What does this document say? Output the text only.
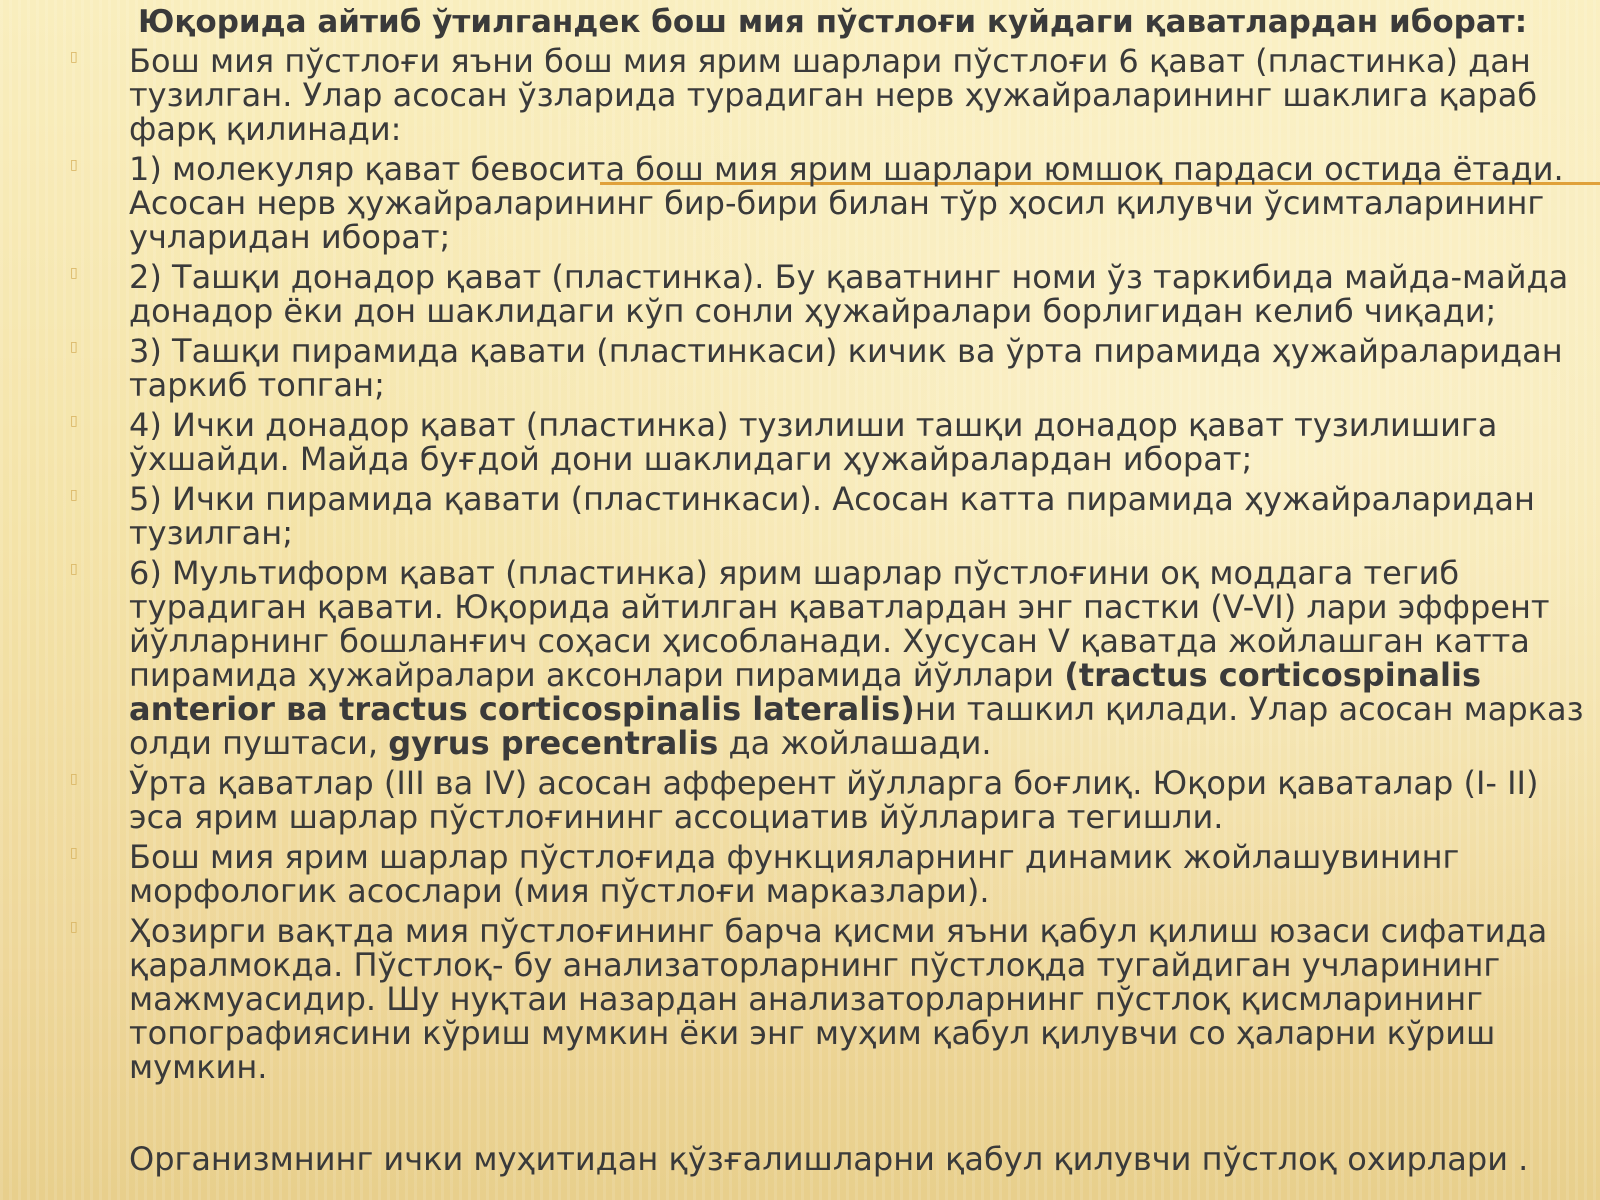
Юқорида айтиб ўтилгандек бош мия пўстлоғи куйдаги қаватлардан иборат:
▯ Бош мия пўстлоғи яъни бош мия ярим шарлари пўстлоғи 6 қават (пластинка) дан тузилган. Улар асосан ўзларида турадиган нерв ҳужайраларининг шаклига қараб фарқ қилинади:
▯ 1) молекуляр қават бевосита бош мия ярим шарлари юмшоқ пардаси остида ётади. Асосан нерв ҳужайраларининг бир-бири билан тўр ҳосил қилувчи ўсимталарининг учларидан иборат;
▯ 2) Ташқи донадор қават (пластинка). Бу қаватнинг номи ўз таркибида майда-майда донадор ёки дон шаклидаги кўп сонли ҳужайралари борлигидан келиб чиқади;
▯ 3) Ташқи пирамида қавати (пластинкаси) кичик ва ўрта пирамида ҳужайраларидан таркиб топган;
▯ 4) Ички донадор қават (пластинка) тузилиши ташқи донадор қават тузилишига ўхшайди. Майда буғдой дони шаклидаги ҳужайралардан иборат;
▯ 5) Ички пирамида қавати (пластинкаси). Асосан катта пирамида ҳужайраларидан тузилган;
▯ 6) Мультиформ қават (пластинка) ярим шарлар пўстлоғини оқ моддага тегиб турадиган қавати. Юқорида айтилган қаватлардан энг пастки (V-VI) лари эффрент йўлларнинг бошланғич соҳаси ҳисобланади. Хусусан V қаватда жойлашган катта пирамида ҳужайралари аксонлари пирамида йўллари (tractus corticospinalis anterior ва tractus corticospinalis lateralis)ни ташкил қилади. Улар асосан марказ олди пуштаси, gyrus precentralis да жойлашади.
▯ Ўрта қаватлар (III ва IV) асосан афферент йўлларга боғлиқ. Юқори қаваталар (I- II) эса ярим шарлар пўстлоғининг ассоциатив йўлларига тегишли.
▯ Бош мия ярим шарлар пўстлоғида функцияларнинг динамик жойлашувининг морфологик асослари (мия пўстлоғи марказлари).
▯ Ҳозирги вақтда мия пўстлоғининг барча қисми яъни қабул қилиш юзаси сифатида қаралмокда. Пўстлоқ- бу анализаторларнинг пўстлоқда тугайдиган учларининг мажмуасидир. Шу нуқтаи назардан анализаторларнинг пўстлоқ қисмларининг топографиясини кўриш мумкин ёки энг муҳим қабул қилувчи со ҳаларни кўриш мумкин.
Организмнинг ички муҳитидан қўзғалишларни қабул қилувчи пўстлоқ охирлари .
